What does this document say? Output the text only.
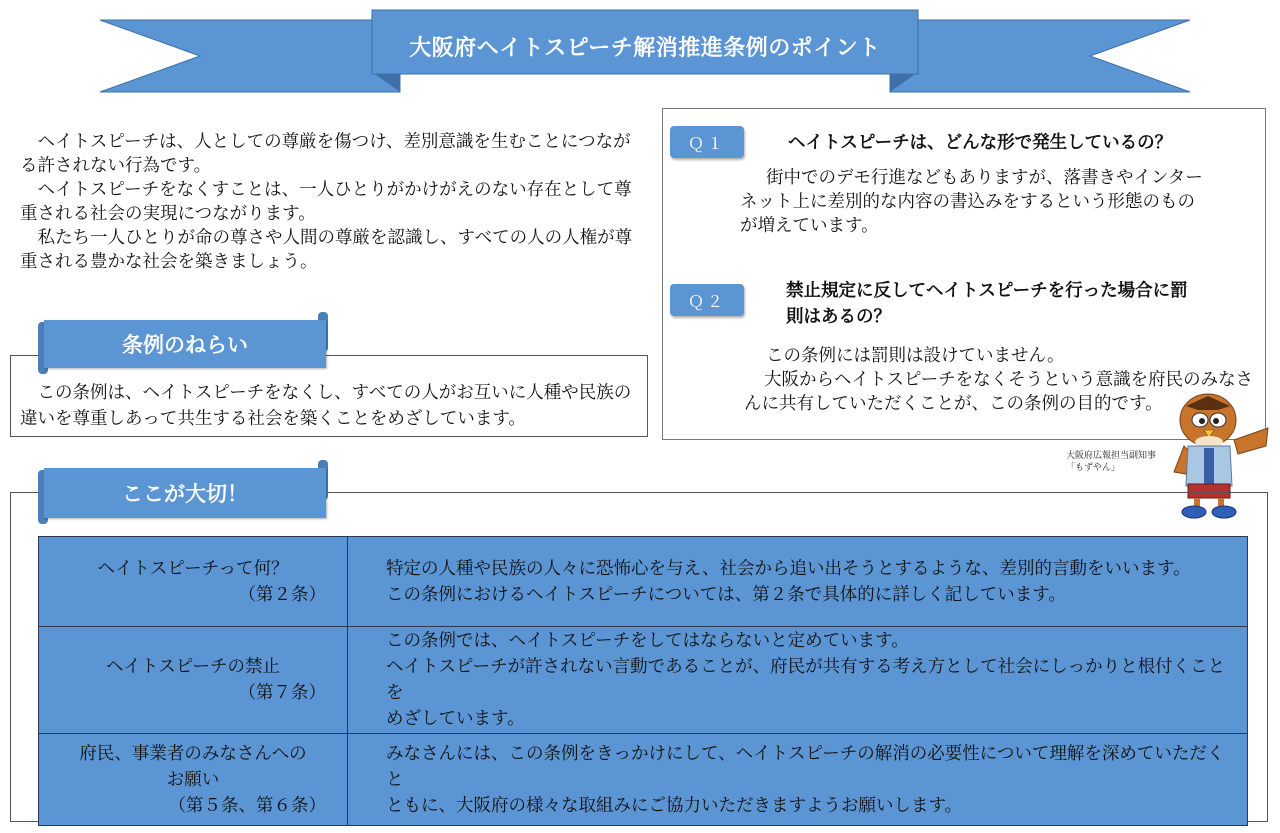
大阪府ヘイトスピーチ解消推進条例のポイント

ヘイトスピーチは、人としての尊厳を傷つけ、差別意識を生むことにつながる許されない行為です。

ヘイトスピーチをなくすことは、一人ひとりがかけがえのない存在として尊重される社会の実現につながります。

私たち一人ひとりが命の尊さや人間の尊厳を認識し、すべての人の人権が尊重される豊かな社会を築きましょう。

条例のねらい
この条例は、ヘイトスピーチをなくし、すべての人がお互いに人種や民族の
違いを尊重しあって共生する社会を築くことをめざしています。
Ｑ１	ヘイトスピーチは、どんな形で発生しているの？
街中でのデモ行進などもありますが、落書きやインター
ネット上に差別的な内容の書込みをするという形態のもの
が増えています。
Ｑ２	禁止規定に反してヘイトスピーチを行った場合に罰
則はあるの？
この条例には罰則は設けていません。
大阪からヘイトスピーチをなくそうという意識を府民のみなさ
んに共有していただくことが、この条例の目的です。
大阪府広報担当副知事
「もずやん」
ここが大切！
ヘイトスピーチって何？
（第２条）	特定の人種や民族の人々に恐怖心を与え、社会から追い出そうとするような、差別的言動をいいます。
この条例におけるヘイトスピーチについては、第２条で具体的に詳しく記しています。

ヘイトスピーチの禁止
（第７条）	この条例では、ヘイトスピーチをしてはならないと定めています。
ヘイトスピーチが許されない言動であることが、府民が共有する考え方として社会にしっかりと根付くことを
めざしています。

府民、事業者のみなさんへの
お願い
（第５条、第６条）	みなさんには、この条例をきっかけにして、ヘイトスピーチの解消の必要性について理解を深めていただくと
ともに、大阪府の様々な取組みにご協力いただきますようお願いします。
